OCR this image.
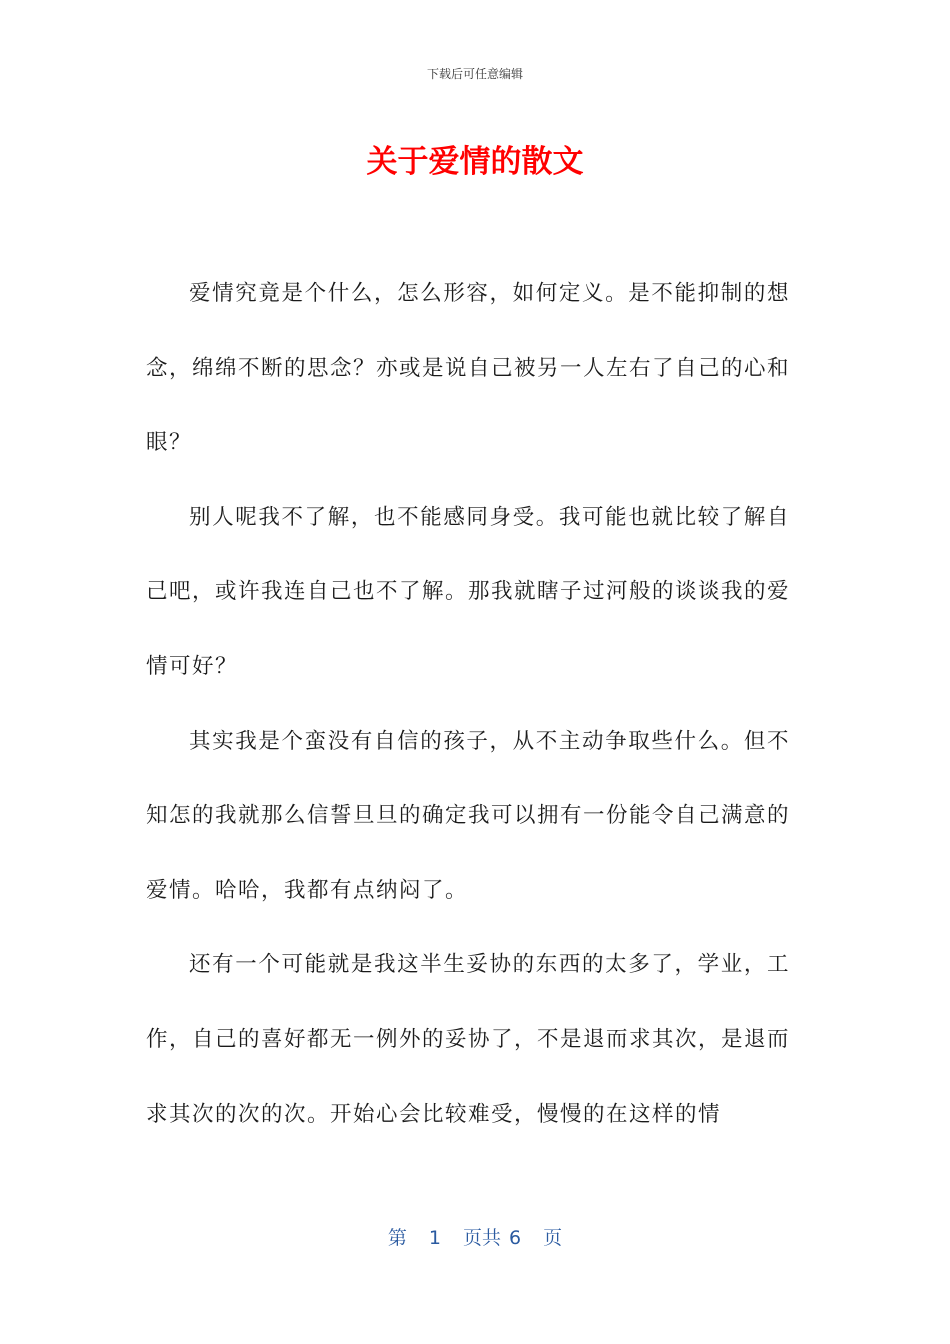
下载后可任意编辑
关于爱情的散文

爱情究竟是个什么，怎么形容，如何定义。是不能抑制的想念，绵绵不断的思念？亦或是说自己被另一人左右了自己的心和眼？

别人呢我不了解，也不能感同身受。我可能也就比较了解自己吧，或许我连自己也不了解。那我就瞎子过河般的谈谈我的爱情可好？

其实我是个蛮没有自信的孩子，从不主动争取些什么。但不知怎的我就那么信誓旦旦的确定我可以拥有一份能令自己满意的爱情。哈哈，我都有点纳闷了。

还有一个可能就是我这半生妥协的东西的太多了，学业，工作，自己的喜好都无一例外的妥协了，不是退而求其次，是退而求其次的次的次。开始心会比较难受，慢慢的在这样的情

第 1 页共 6 页
